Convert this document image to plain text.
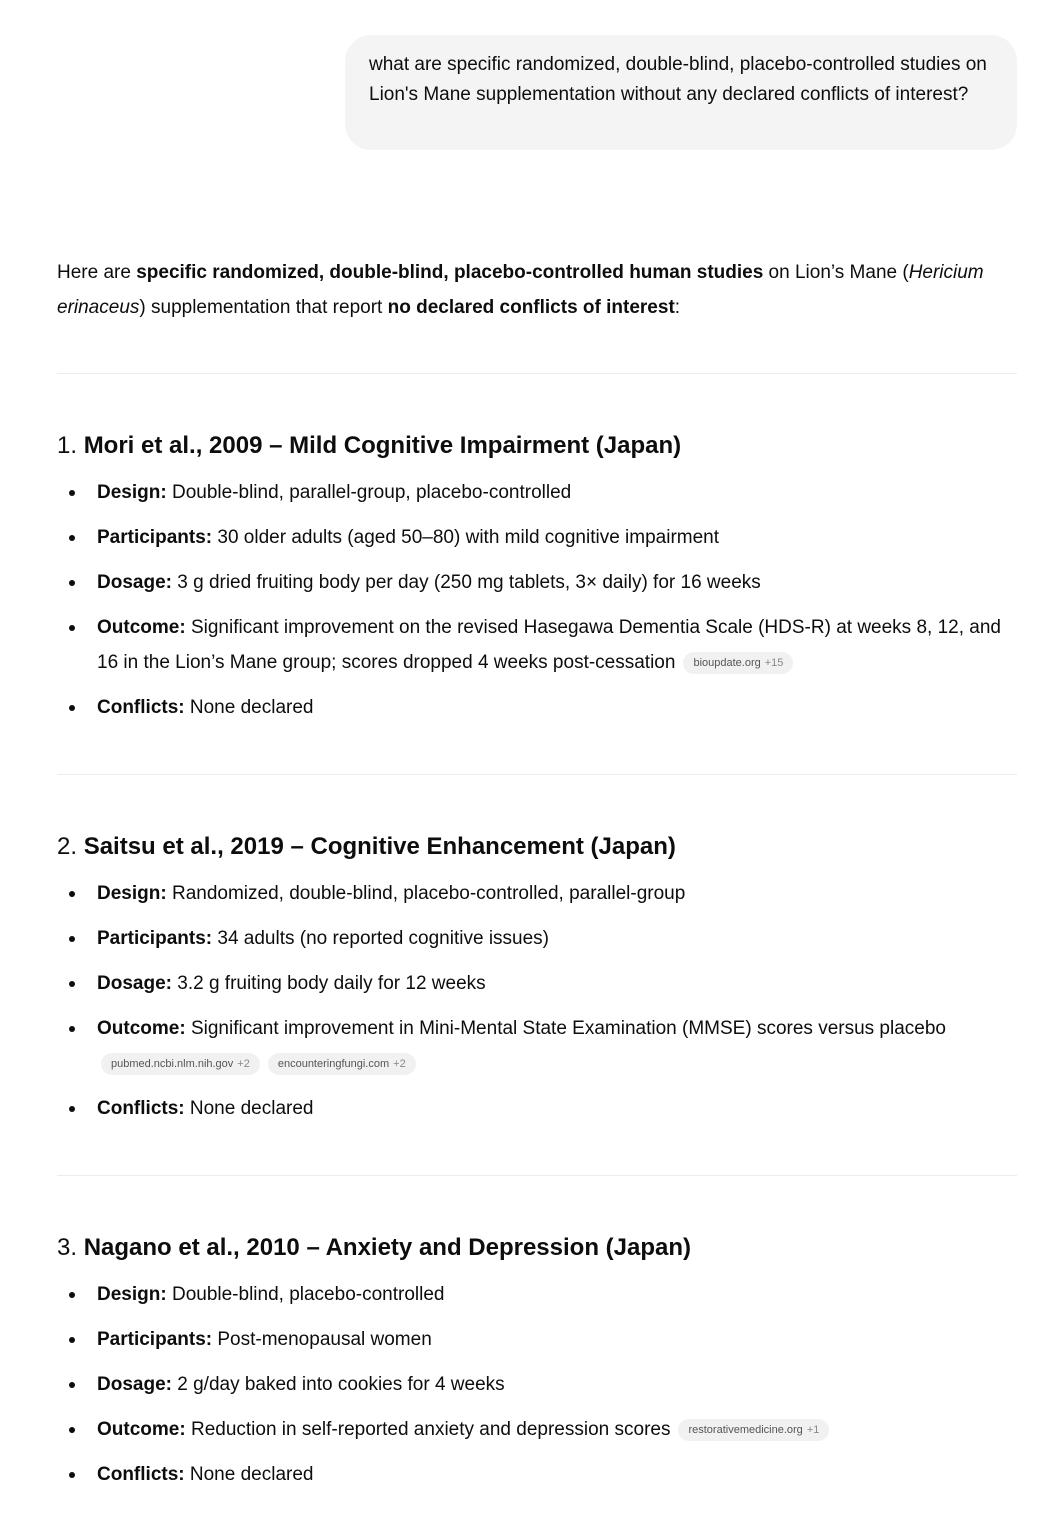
what are specific randomized, double-blind, placebo-controlled studies on Lion's Mane supplementation without any declared conflicts of interest?

Here are specific randomized, double-blind, placebo-controlled human studies on Lion’s Mane (Hericium erinaceus) supplementation that report no declared conflicts of interest:

1. Mori et al., 2009 – Mild Cognitive Impairment (Japan)
Design: Double-blind, parallel-group, placebo-controlled
Participants: 30 older adults (aged 50–80) with mild cognitive impairment
Dosage: 3 g dried fruiting body per day (250 mg tablets, 3× daily) for 16 weeks
Outcome: Significant improvement on the revised Hasegawa Dementia Scale (HDS-R) at weeks 8, 12, and 16 in the Lion’s Mane group; scores dropped 4 weeks post-cessation bioupdate.org +15
Conflicts: None declared
2. Saitsu et al., 2019 – Cognitive Enhancement (Japan)
Design: Randomized, double-blind, placebo-controlled, parallel-group
Participants: 34 adults (no reported cognitive issues)
Dosage: 3.2 g fruiting body daily for 12 weeks
Outcome: Significant improvement in Mini-Mental State Examination (MMSE) scores versus placebo
pubmed.ncbi.nlm.nih.gov +2	encounteringfungi.com +2
Conflicts: None declared
3. Nagano et al., 2010 – Anxiety and Depression (Japan)
Design: Double-blind, placebo-controlled
Participants: Post-menopausal women
Dosage: 2 g/day baked into cookies for 4 weeks
Outcome: Reduction in self-reported anxiety and depression scores restorativemedicine.org +1
Conflicts: None declared
